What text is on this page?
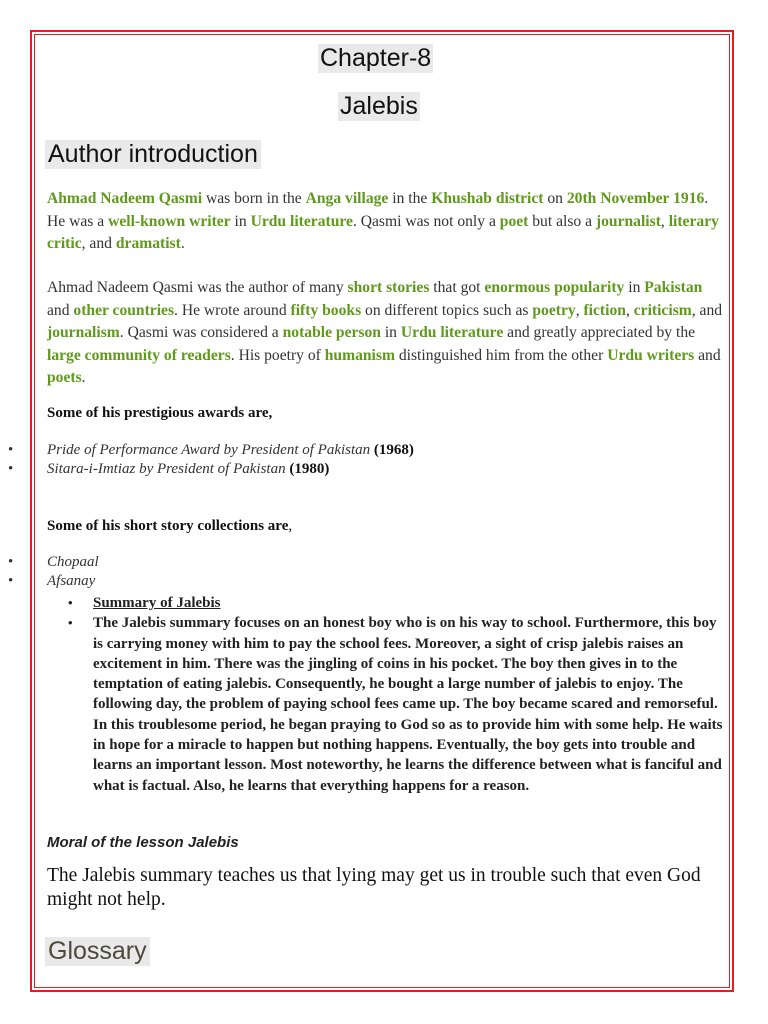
Chapter-8
Jalebis
Author introduction

Ahmad Nadeem Qasmi was born in the Anga village in the Khushab district on 20th November 1916. He was a well-known writer in Urdu literature. Qasmi was not only a poet but also a journalist, literary critic, and dramatist.

Ahmad Nadeem Qasmi was the author of many short stories that got enormous popularity in Pakistan and other countries. He wrote around fifty books on different topics such as poetry, fiction, criticism, and journalism. Qasmi was considered a notable person in Urdu literature and greatly appreciated by the large community of readers. His poetry of humanism distinguished him from the other Urdu writers and poets.

Some of his prestigious awards are,

• Pride of Performance Award by President of Pakistan (1968)
• Sitara-i-Imtiaz by President of Pakistan (1980)

Some of his short story collections are,

• Chopaal
• Afsanay
• Summary of Jalebis
• The Jalebis summary focuses on an honest boy who is on his way to school. Furthermore, this boy is carrying money with him to pay the school fees. Moreover, a sight of crisp jalebis raises an excitement in him. There was the jingling of coins in his pocket. The boy then gives in to the temptation of eating jalebis. Consequently, he bought a large number of jalebis to enjoy. The following day, the problem of paying school fees came up. The boy became scared and remorseful. In this troublesome period, he began praying to God so as to provide him with some help. He waits in hope for a miracle to happen but nothing happens. Eventually, the boy gets into trouble and learns an important lesson. Most noteworthy, he learns the difference between what is fanciful and what is factual. Also, he learns that everything happens for a reason.

Moral of the lesson Jalebis

The Jalebis summary teaches us that lying may get us in trouble such that even God might not help.

Glossary
